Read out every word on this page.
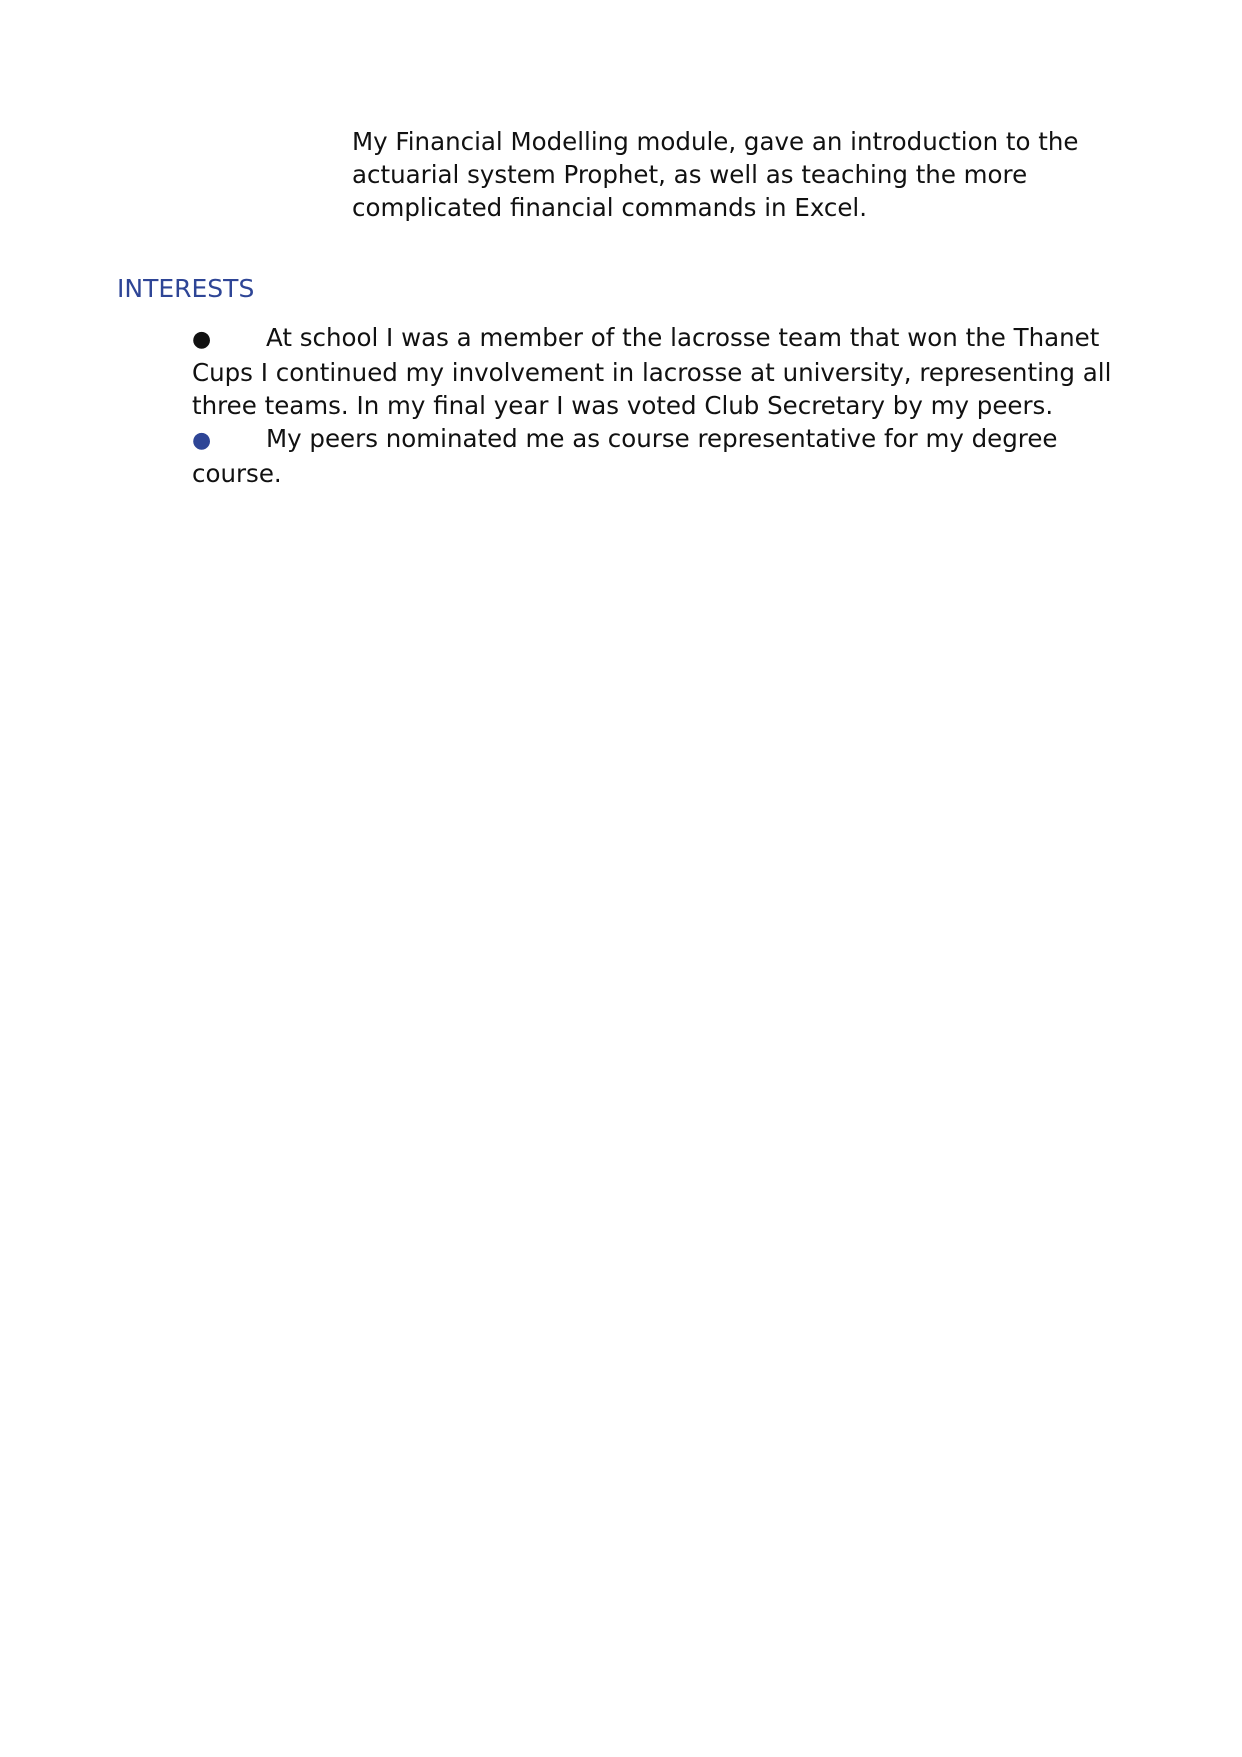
My Financial Modelling module, gave an introduction to the actuarial system Prophet, as well as teaching the more complicated financial commands in Excel.

INTERESTS
● At school I was a member of the lacrosse team that won the Thanet Cups I continued my involvement in lacrosse at university, representing all three teams. In my final year I was voted Club Secretary by my peers.
● My peers nominated me as course representative for my degree course.
